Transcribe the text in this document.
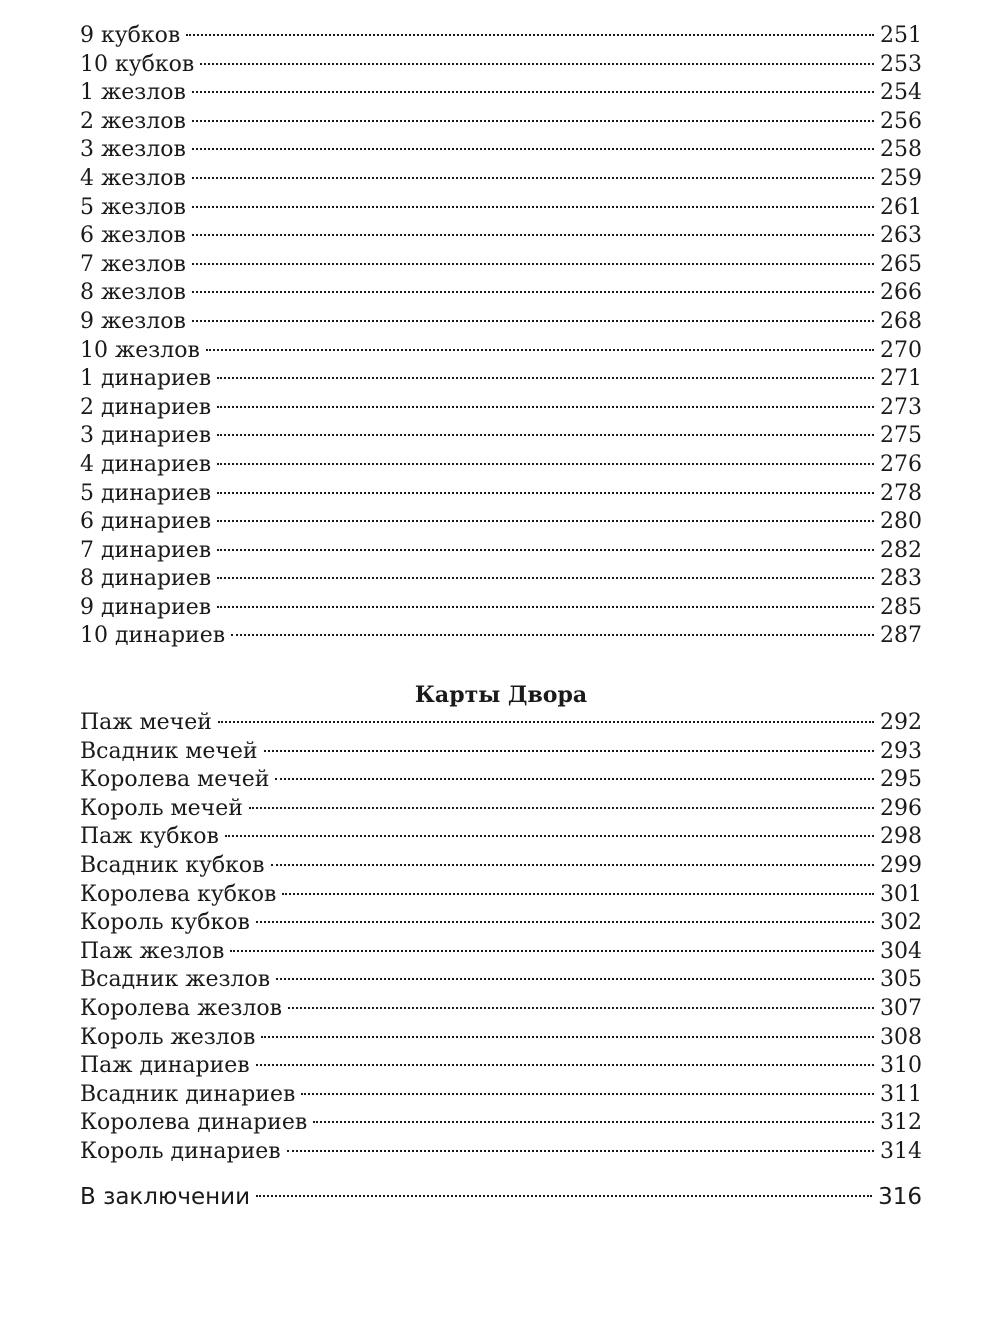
9 кубков	251
10 кубков	253
1 жезлов	254
2 жезлов	256
3 жезлов	258
4 жезлов	259
5 жезлов	261
6 жезлов	263
7 жезлов	265
8 жезлов	266
9 жезлов	268
10 жезлов	270
1 динариев	271
2 динариев	273
3 динариев	275
4 динариев	276
5 динариев	278
6 динариев	280
7 динариев	282
8 динариев	283
9 динариев	285
10 динариев	287
Карты Двора
Паж мечей	292
Всадник мечей	293
Королева мечей	295
Король мечей	296
Паж кубков	298
Всадник кубков	299
Королева кубков	301
Король кубков	302
Паж жезлов	304
Всадник жезлов	305
Королева жезлов	307
Король жезлов	308
Паж динариев	310
Всадник динариев	311
Королева динариев	312
Король динариев	314
В заключении	316
